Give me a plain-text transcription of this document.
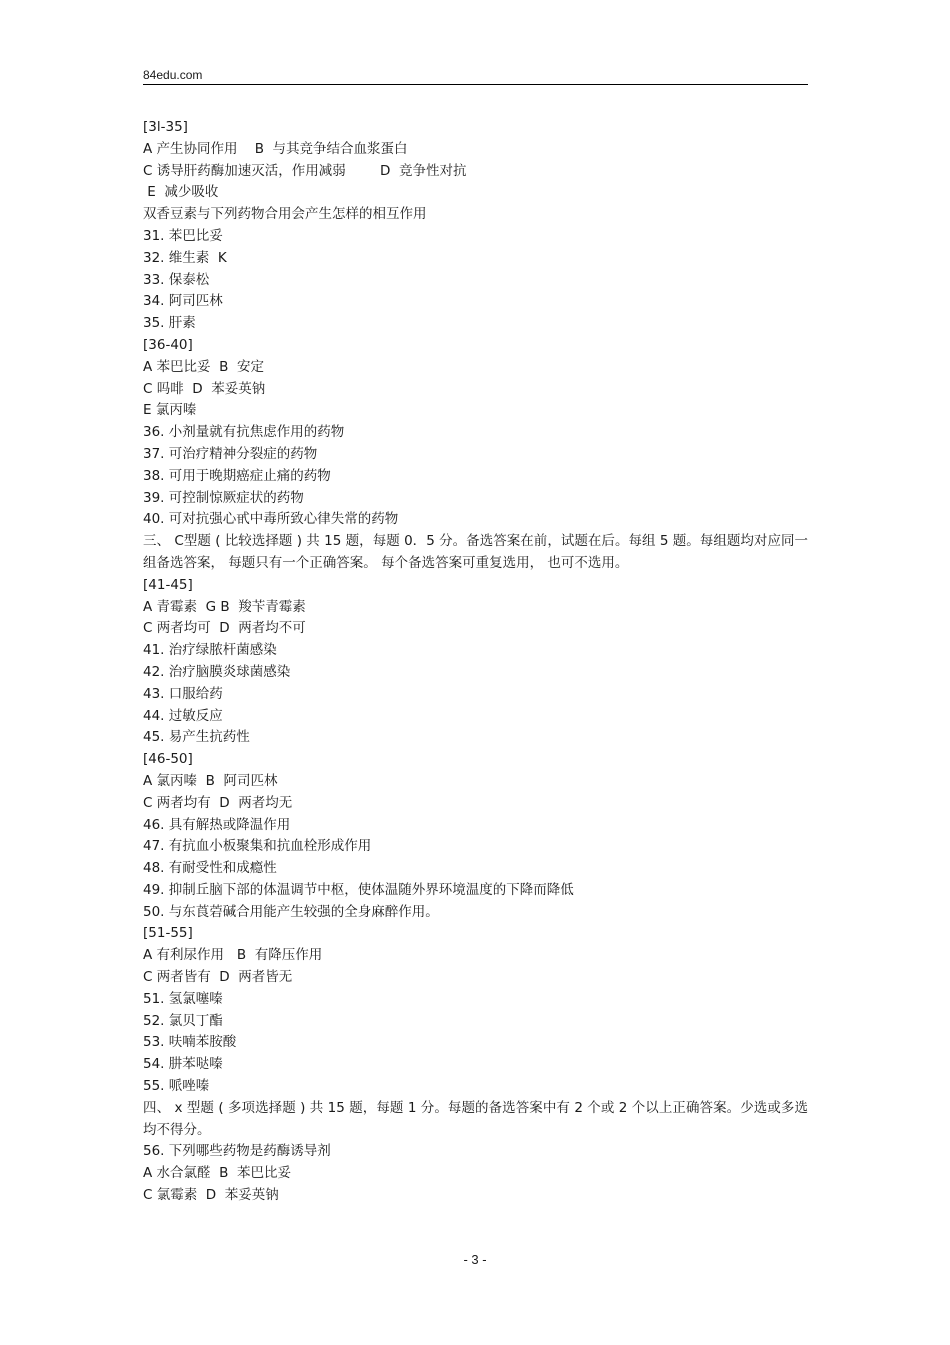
84edu.com
[3l-35]
A 产生协同作用    B  与其竞争结合血浆蛋白
C 诱导肝药酶加速灭活，作用减弱        D  竞争性对抗
E  减少吸收
双香豆素与下列药物合用会产生怎样的相互作用
31. 苯巴比妥
32. 维生素  K
33. 保泰松
34. 阿司匹林
35. 肝素
[36-40]
A 苯巴比妥  B  安定
C 吗啡  D  苯妥英钠
E 氯丙嗪
36. 小剂量就有抗焦虑作用的药物
37. 可治疗精神分裂症的药物
38. 可用于晚期癌症止痛的药物
39. 可控制惊厥症状的药物
40. 可对抗强心甙中毒所致心律失常的药物
三、 C型题 ( 比较选择题 ) 共 15 题，每题 0．5 分。备选答案在前，试题在后。每组 5 题。每组题均对应同一组备选答案， 每题只有一个正确答案。 每个备选答案可重复选用， 也可不选用。
[41-45]
A 青霉素  G B  羧苄青霉素
C 两者均可  D  两者均不可
41. 治疗绿脓杆菌感染
42. 治疗脑膜炎球菌感染
43. 口服给药
44. 过敏反应
45. 易产生抗药性
[46-50]
A 氯丙嗪  B  阿司匹林
C 两者均有  D  两者均无
46. 具有解热或降温作用
47. 有抗血小板聚集和抗血栓形成作用
48. 有耐受性和成瘾性
49. 抑制丘脑下部的体温调节中枢，使体温随外界环境温度的下降而降低
50. 与东莨菪碱合用能产生较强的全身麻醉作用。
[51-55]
A 有利尿作用   B  有降压作用
C 两者皆有  D  两者皆无
51. 氢氯噻嗪
52. 氯贝丁酯
53. 呋喃苯胺酸
54. 肼苯哒嗪
55. 哌唑嗪
四、 x 型题 ( 多项选择题 ) 共 15 题，每题 1 分。每题的备选答案中有 2 个或 2 个以上正确答案。少选或多选均不得分。
56. 下列哪些药物是药酶诱导剂
A 水合氯醛  B  苯巴比妥
C 氯霉素  D  苯妥英钠
- 3 -
